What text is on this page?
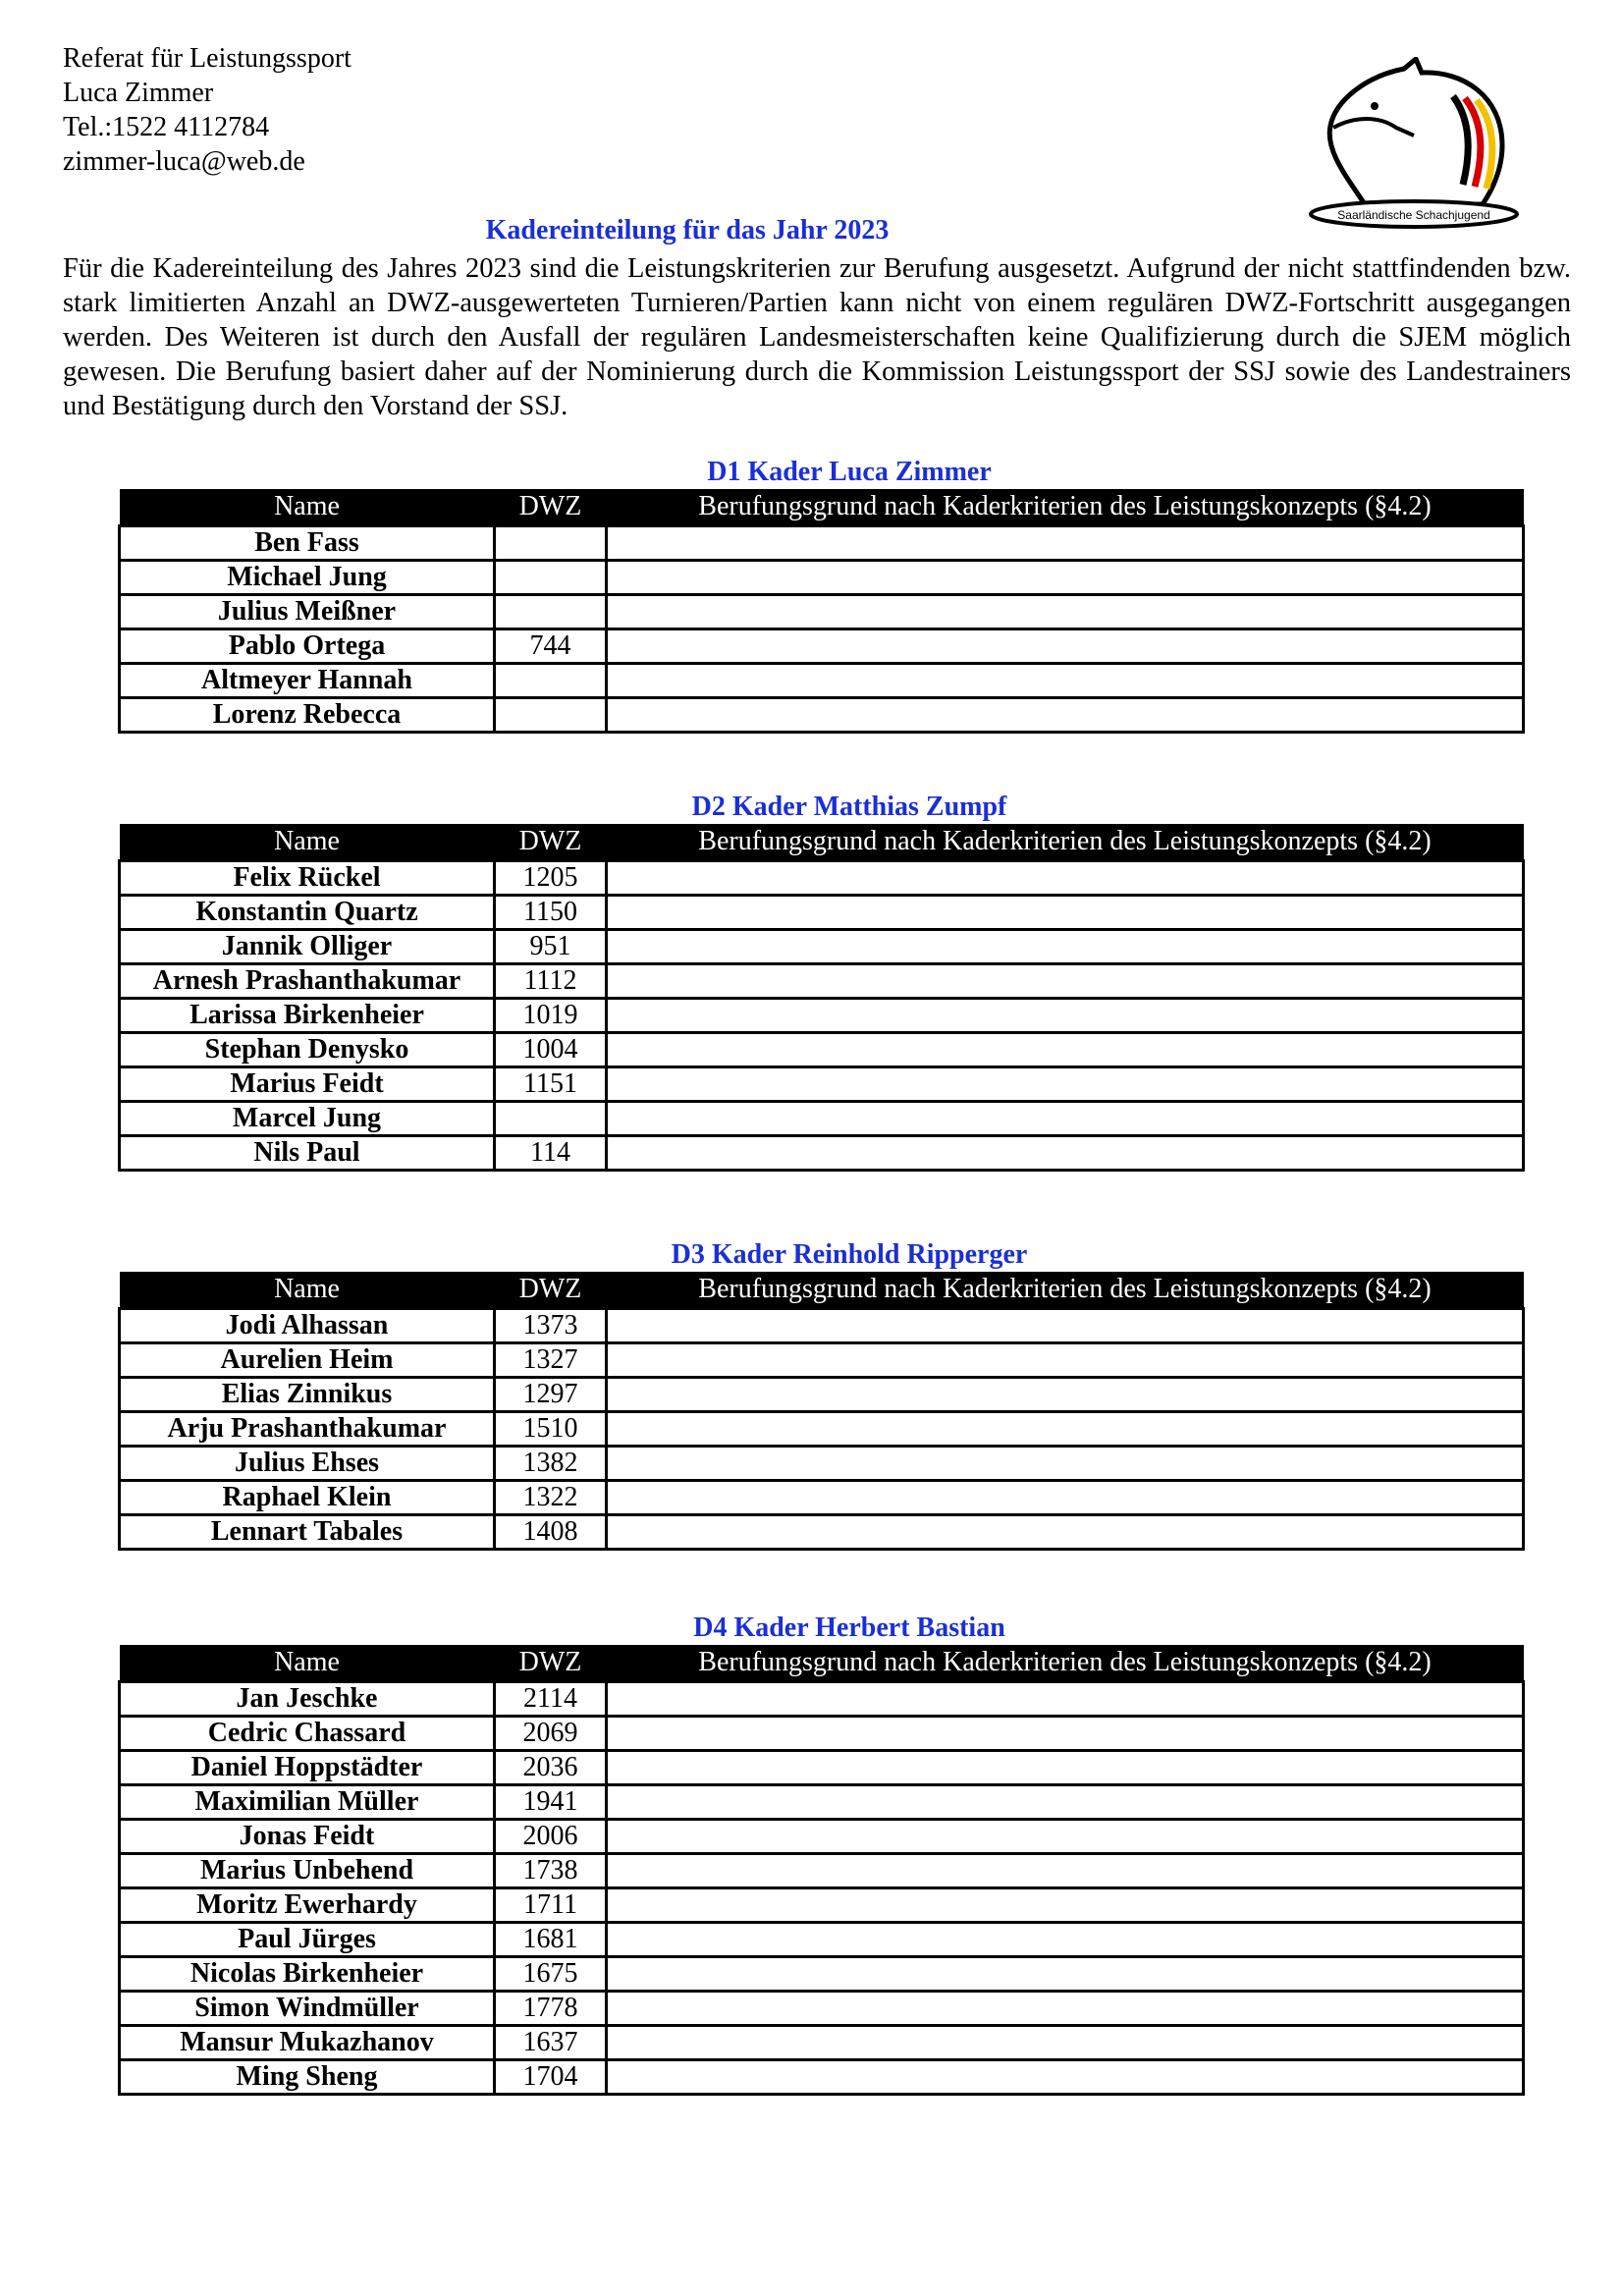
Referat für Leistungssport
Luca Zimmer
Tel.:1522 4112784
zimmer-luca@web.de
Saarländische Schachjugend
Kadereinteilung für das Jahr 2023
Für die Kadereinteilung des Jahres 2023 sind die Leistungskriterien zur Berufung ausgesetzt. Aufgrund der nicht stattfindenden bzw. stark limitierten Anzahl an DWZ-ausgewerteten Turnieren/Partien kann nicht von einem regulären DWZ-Fortschritt ausgegangen werden. Des Weiteren ist durch den Ausfall der regulären Landesmeisterschaften keine Qualifizierung durch die SJEM möglich gewesen. Die Berufung basiert daher auf der Nominierung durch die Kommission Leistungssport der SSJ sowie des Landestrainers und Bestätigung durch den Vorstand der SSJ.
D1 Kader Luca Zimmer
Name	DWZ	Berufungsgrund nach Kaderkriterien des Leistungskonzepts (§4.2)
Ben Fass		
Michael Jung		
Julius Meißner		
Pablo Ortega	744	
Altmeyer Hannah		
Lorenz Rebecca		
D2 Kader Matthias Zumpf
Name	DWZ	Berufungsgrund nach Kaderkriterien des Leistungskonzepts (§4.2)
Felix Rückel	1205	
Konstantin Quartz	1150	
Jannik Olliger	951	
Arnesh Prashanthakumar	1112	
Larissa Birkenheier	1019	
Stephan Denysko	1004	
Marius Feidt	1151	
Marcel Jung		
Nils Paul	114	
D3 Kader Reinhold Ripperger
Name	DWZ	Berufungsgrund nach Kaderkriterien des Leistungskonzepts (§4.2)
Jodi Alhassan	1373	
Aurelien Heim	1327	
Elias Zinnikus	1297	
Arju Prashanthakumar	1510	
Julius Ehses	1382	
Raphael Klein	1322	
Lennart Tabales	1408	
D4 Kader Herbert Bastian
Name	DWZ	Berufungsgrund nach Kaderkriterien des Leistungskonzepts (§4.2)
Jan Jeschke	2114	
Cedric Chassard	2069	
Daniel Hoppstädter	2036	
Maximilian Müller	1941	
Jonas Feidt	2006	
Marius Unbehend	1738	
Moritz Ewerhardy	1711	
Paul Jürges	1681	
Nicolas Birkenheier	1675	
Simon Windmüller	1778	
Mansur Mukazhanov	1637	
Ming Sheng	1704	
